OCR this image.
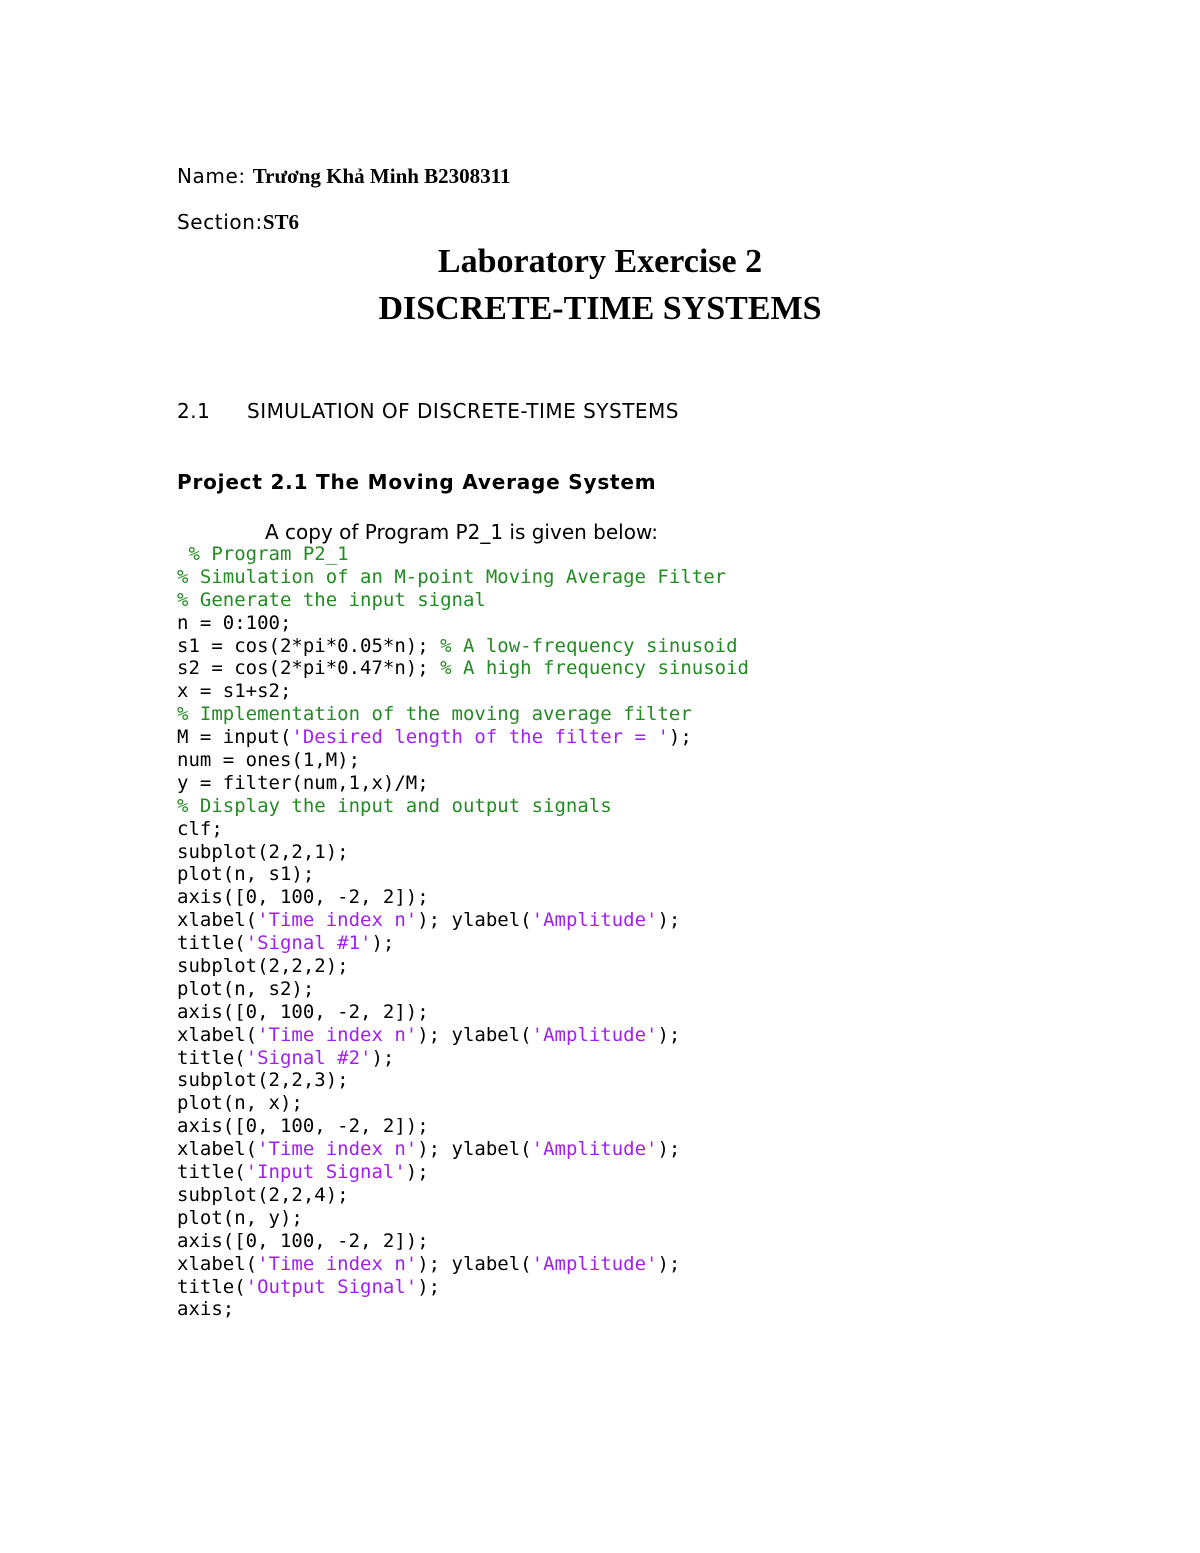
Name: Trương Khả Minh B2308311
Section:ST6
Laboratory Exercise 2
DISCRETE-TIME SYSTEMS
2.1 SIMULATION OF DISCRETE-TIME SYSTEMS
Project 2.1 The Moving Average System
A copy of Program P2_1 is given below:
% Program P2_1
% Simulation of an M-point Moving Average Filter
% Generate the input signal
n = 0:100;
s1 = cos(2*pi*0.05*n); % A low-frequency sinusoid
s2 = cos(2*pi*0.47*n); % A high frequency sinusoid
x = s1+s2;
% Implementation of the moving average filter
M = input('Desired length of the filter = ');
num = ones(1,M);
y = filter(num,1,x)/M;
% Display the input and output signals
clf;
subplot(2,2,1);
plot(n, s1);
axis([0, 100, -2, 2]);
xlabel('Time index n'); ylabel('Amplitude');
title('Signal #1');
subplot(2,2,2);
plot(n, s2);
axis([0, 100, -2, 2]);
xlabel('Time index n'); ylabel('Amplitude');
title('Signal #2');
subplot(2,2,3);
plot(n, x);
axis([0, 100, -2, 2]);
xlabel('Time index n'); ylabel('Amplitude');
title('Input Signal');
subplot(2,2,4);
plot(n, y);
axis([0, 100, -2, 2]);
xlabel('Time index n'); ylabel('Amplitude');
title('Output Signal');
axis;
